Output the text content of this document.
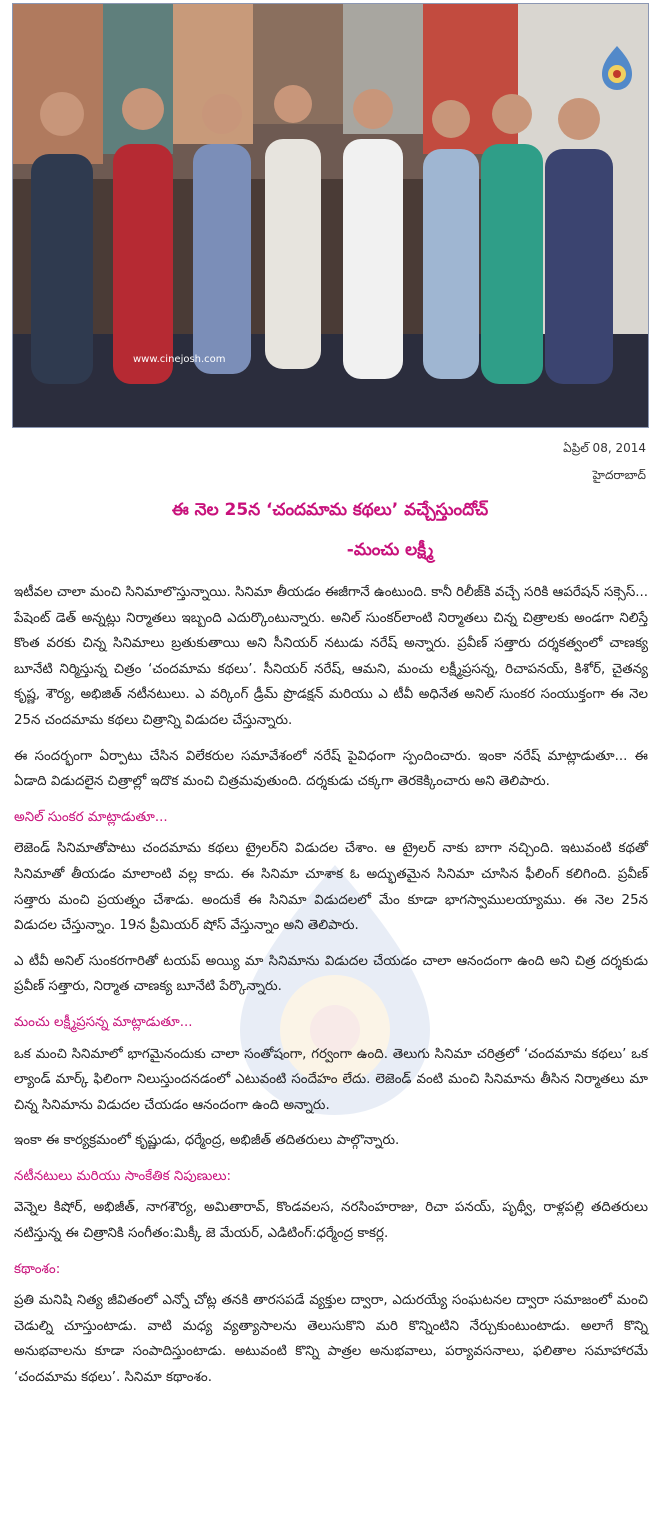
www.cinejosh.com
ఏప్రిల్ 08, 2014
హైదరాబాద్
ఈ నెల 25న ‘చందమామ కథలు’ వచ్చేస్తుందోచ్
-మంచు లక్ష్మీ

ఇటీవల చాలా మంచి సినిమాలొస్తున్నాయి. సినిమా తీయడం ఈజీగానే ఉంటుంది. కానీ రిలీజ్‌కి వచ్చే సరికి ఆపరేషన్ సక్సెస్... పేషెంట్ డెత్ అన్నట్లు నిర్మాతలు ఇబ్బంది ఎదుర్కొంటున్నారు. అనిల్ సుంకర్‌లాంటి నిర్మాతలు చిన్న చిత్రాలకు అండగా నిలిస్తే కొంత వరకు చిన్న సినిమాలు బ్రతుకుతాయి అని సీనియర్ నటుడు నరేష్ అన్నారు. ప్రవీణ్ సత్తారు దర్శకత్వంలో చాణక్య బూనేటి నిర్మిస్తున్న చిత్రం ‘చందమామ కథలు’. సీనియర్ నరేష్, ఆమని, మంచు లక్ష్మీప్రసన్న, రిచాపనయ్, కిశోర్, చైతన్య కృష్ణ, శౌర్య, అభిజిత్ నటీనటులు. ఎ వర్కింగ్ డ్రీమ్ ప్రొడక్షన్ మరియు ఎ టీవీ అధినేత అనిల్ సుంకర సంయుక్తంగా ఈ నెల 25న చందమామ కథలు చిత్రాన్ని విడుదల చేస్తున్నారు.

ఈ సందర్భంగా ఏర్పాటు చేసిన విలేకరుల సమావేశంలో నరేష్ పైవిధంగా స్పందించారు. ఇంకా నరేష్ మాట్లాడుతూ... ఈ ఏడాది విడుదలైన చిత్రాల్లో ఇదొక మంచి చిత్రమవుతుంది. దర్శకుడు చక్కగా తెరకెక్కించారు అని తెలిపారు.

అనిల్ సుంకర మాట్లాడుతూ...

లెజెండ్ సినిమాతోపాటు చందమామ కథలు ట్రైలర్‌ని విడుదల చేశాం. ఆ ట్రైలర్ నాకు బాగా నచ్చింది. ఇటువంటి కథతో సినిమాతో తీయడం మాలాంటి వల్ల కాదు. ఈ సినిమా చూశాక ఓ అద్భుతమైన సినిమా చూసిన ఫీలింగ్ కలిగింది. ప్రవీణ్ సత్తారు మంచి ప్రయత్నం చేశాడు. అందుకే ఈ సినిమా విడుదలలో మేం కూడా భాగస్వాములయ్యాము. ఈ నెల 25న విడుదల చేస్తున్నాం. 19న ప్రీమియర్ షోస్ వేస్తున్నాం అని తెలిపారు.

ఎ టీవీ అనిల్ సుంకరగారితో టయప్ అయ్యి మా సినిమాను విడుదల చేయడం చాలా ఆనందంగా ఉంది అని చిత్ర దర్శకుడు ప్రవీణ్ సత్తారు, నిర్మాత చాణక్య బూనేటి పేర్కొన్నారు.

మంచు లక్ష్మీప్రసన్న మాట్లాడుతూ...

ఒక మంచి సినిమాలో భాగమైనందుకు చాలా సంతోషంగా, గర్వంగా ఉంది. తెలుగు సినిమా చరిత్రలో ‘చందమామ కథలు’ ఒక ల్యాండ్ మార్క్ ఫిలింగా నిలుస్తుందనడంలో ఎటువంటి సందేహం లేదు. లెజెండ్ వంటి మంచి సినిమాను తీసిన నిర్మాతలు మా చిన్న సినిమాను విడుదల చేయడం ఆనందంగా ఉంది అన్నారు.

ఇంకా ఈ కార్యక్రమంలో కృష్ణుడు, ధర్మేంద్ర, అభిజీత్ తదితరులు పాల్గొన్నారు.

నటీనటులు మరియు సాంకేతిక నిపుణులు:

వెన్నెల కిషోర్, అభిజీత్, నాగశౌర్య, అమితారావ్, కొండవలస, నరసింహరాజు, రిచా పనయ్, పృథ్వీ, రాళ్లపల్లి తదితరులు నటిస్తున్న ఈ చిత్రానికి సంగీతం:మిక్కీ జె మేయర్, ఎడిటింగ్:ధర్మేంద్ర కాకర్ల.

కథాంశం:

ప్రతి మనిషి నిత్య జీవితంలో ఎన్నో చోట్ల తనకి తారసపడే వ్యక్తుల ద్వారా, ఎదురయ్యే సంఘటనల ద్వారా సమాజంలో మంచి చెడుల్ని చూస్తుంటాడు. వాటి మధ్య వ్యత్యాసాలను తెలుసుకొని మరి కొన్నింటిని నేర్చుకుంటుంటాడు. అలాగే కొన్ని అనుభవాలను కూడా సంపాదిస్తుంటాడు. అటువంటి కొన్ని పాత్రల అనుభవాలు, పర్యావసనాలు, ఫలితాల సమాహారమే ‘చందమామ కథలు’. సినిమా కథాంశం.
